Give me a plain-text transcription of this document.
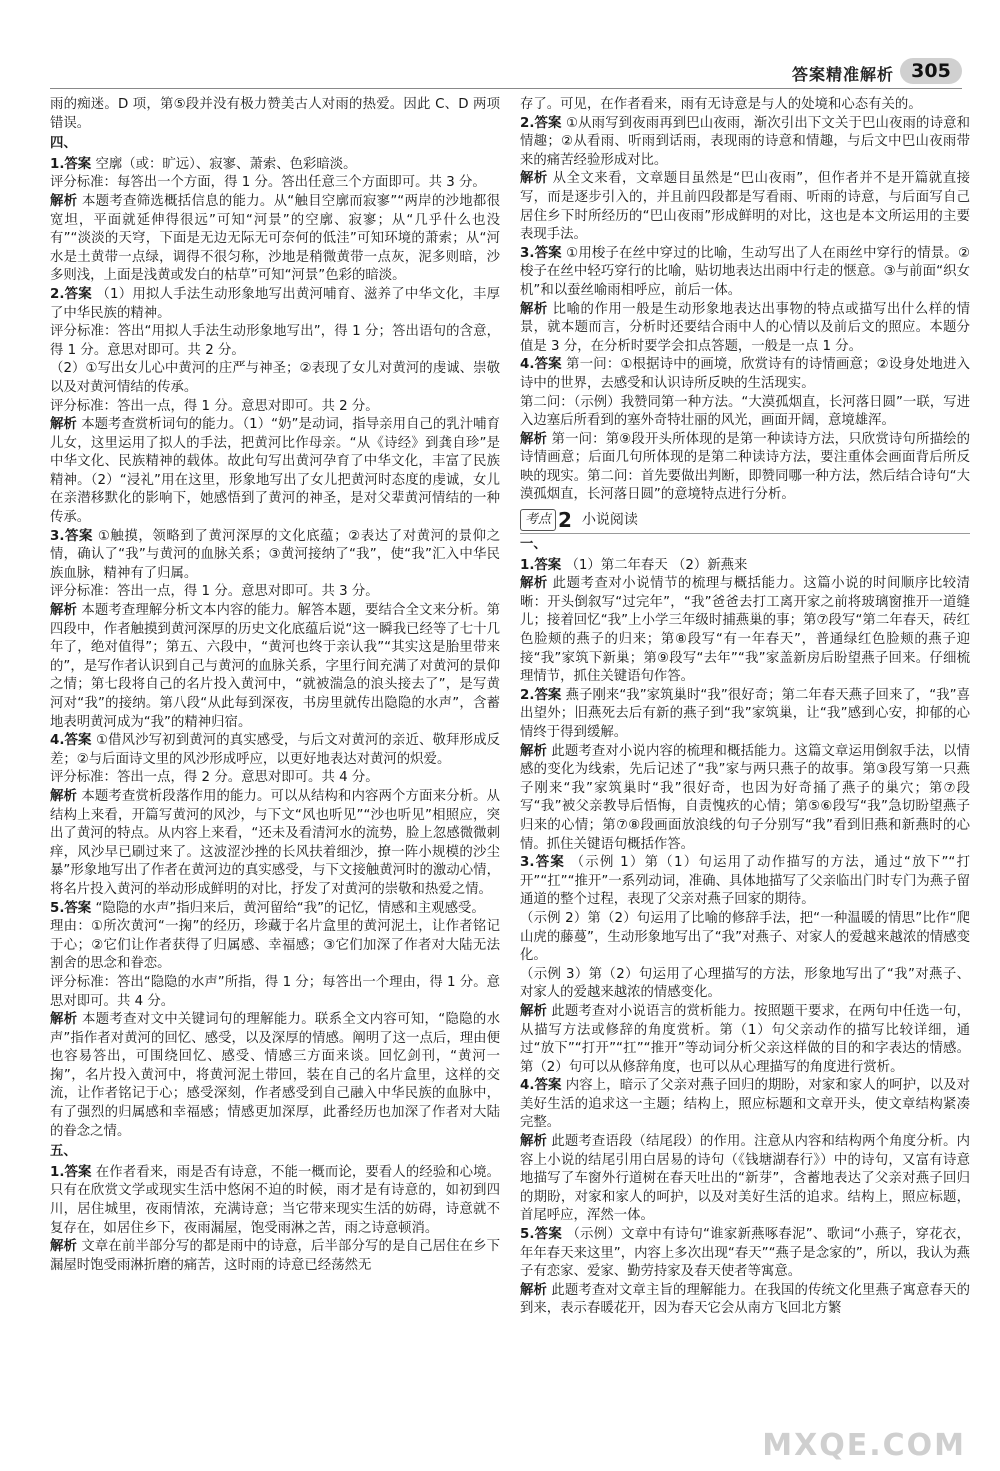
答案精准解析 305

雨的痴迷。D 项，第⑤段并没有极力赞美古人对雨的热爱。因此 C、D 两项错误。

四、

1.答案 空廓（或：旷远）、寂寥、萧索、色彩暗淡。

评分标准：每答出一个方面，得 1 分。答出任意三个方面即可。共 3 分。

解析 本题考查筛选概括信息的能力。从“触目空廓而寂寥”“两岸的沙地都很宽坦，平面就延伸得很远”可知“河景”的空廓、寂寥；从“几乎什么也没有”“淡淡的天穹，下面是无边无际无可奈何的低洼”可知环境的萧索；从“河水是土黄带一点绿，调得不很匀称，沙地是稍微黄带一点灰，泥多则暗，沙多则浅，上面是浅黄或发白的枯草”可知“河景”色彩的暗淡。

2.答案 （1）用拟人手法生动形象地写出黄河哺育、滋养了中华文化，丰厚了中华民族的精神。

评分标准：答出“用拟人手法生动形象地写出”，得 1 分；答出语句的含意，得 1 分。意思对即可。共 2 分。

（2）①写出女儿心中黄河的庄严与神圣；②表现了女儿对黄河的虔诚、崇敬以及对黄河情结的传承。

评分标准：答出一点，得 1 分。意思对即可。共 2 分。

解析 本题考查赏析词句的能力。（1）“奶”是动词，指导亲用自己的乳汁哺育儿女，这里运用了拟人的手法，把黄河比作母亲。“从《诗经》到龚自珍”是中华文化、民族精神的载体。故此句写出黄河孕育了中华文化，丰富了民族精神。（2）“浸礼”用在这里，形象地写出了女儿把黄河时态度的虔诚，女儿在亲潜移默化的影响下，她感悟到了黄河的神圣，是对父辈黄河情结的一种传承。

3.答案 ①触摸，领略到了黄河深厚的文化底蕴；②表达了对黄河的景仰之情，确认了“我”与黄河的血脉关系；③黄河接纳了“我”，使“我”汇入中华民族血脉，精神有了归属。

评分标准：答出一点，得 1 分。意思对即可。共 3 分。

解析 本题考查理解分析文本内容的能力。解答本题，要结合全文来分析。第四段中，作者触摸到黄河深厚的历史文化底蕴后说“这一瞬我已经等了七十几年了，绝对值得”；第五、六段中，“黄河也终于亲认我”“其实这是胎里带来的”，是写作者认识到自己与黄河的血脉关系，字里行间充满了对黄河的景仰之情；第七段将自己的名片投入黄河中，“就被湍急的浪头接去了”，是写黄河对“我”的接纳。第八段“从此每到深夜，书房里就传出隐隐的水声”，含蓄地表明黄河成为“我”的精神归宿。

4.答案 ①借风沙写初到黄河的真实感受，与后文对黄河的亲近、敬拜形成反差；②与后面诗文里的风沙形成呼应，以更好地表达对黄河的炽爱。

评分标准：答出一点，得 2 分。意思对即可。共 4 分。

解析 本题考查赏析段落作用的能力。可以从结构和内容两个方面来分析。从结构上来看，开篇写黄河的风沙，与下文“风也听见”“沙也听见”相照应，突出了黄河的特点。从内容上来看，“还未及看清河水的流势，脸上忽感微微刺痒，风沙早已刷过来了。这波涩沙挫的长风扶着细沙，撩一阵小规模的沙尘暴”形象地写出了作者在黄河边的真实感受，与下文接触黄河时的激动心情，将名片投入黄河的举动形成鲜明的对比，抒发了对黄河的崇敬和热爱之情。

5.答案 “隐隐的水声”指归来后，黄河留给“我”的记忆，情感和主观感受。

理由：①所次黄河“一掬”的经历，珍藏于名片盒里的黄河泥土，让作者铭记于心；②它们让作者获得了归属感、幸福感；③它们加深了作者对大陆无法割舍的思念和眷恋。

评分标准：答出“隐隐的水声”所指，得 1 分；每答出一个理由，得 1 分。意思对即可。共 4 分。

解析 本题考查对文中关键词句的理解能力。联系全文内容可知，“隐隐的水声”指作者对黄河的回忆、感受，以及深厚的情感。阐明了这一点后，理由便也容易答出，可围绕回忆、感受、情感三方面来谈。回忆剑刊，“黄河一掬”，名片投入黄河中，将黄河泥土带回，装在自己的名片盒里，这样的交流，让作者铭记于心；感受深刻，作者感受到自己融入中华民族的血脉中，有了强烈的归属感和幸福感；情感更加深厚，此番经历也加深了作者对大陆的眷念之情。

五、

1.答案 在作者看来，雨是否有诗意，不能一概而论，要看人的经验和心境。只有在欣赏文学或现实生活中悠闲不迫的时候，雨才是有诗意的，如初到四川，居住城里，夜雨情浓，充满诗意；当它带来现实生活的妨碍，诗意就不复存在，如居住乡下，夜雨漏屋，饱受雨淋之苦，雨之诗意顿消。

解析 文章在前半部分写的都是雨中的诗意，后半部分写的是自己居住在乡下漏屋时饱受雨淋折磨的痛苦，这时雨的诗意已经荡然无

存了。可见，在作者看来，雨有无诗意是与人的处境和心态有关的。

2.答案 ①从雨写到夜雨再到巴山夜雨，渐次引出下文关于巴山夜雨的诗意和情趣；②从看雨、听雨到话雨，表现雨的诗意和情趣，与后文中巴山夜雨带来的痛苦经验形成对比。

解析 从全文来看，文章题目虽然是“巴山夜雨”，但作者并不是开篇就直接写，而是逐步引入的，并且前四段都是写看雨、听雨的诗意，与后面写自己居住乡下时所经历的“巴山夜雨”形成鲜明的对比，这也是本文所运用的主要表现手法。

3.答案 ①用梭子在丝中穿过的比喻，生动写出了人在雨丝中穿行的情景。②梭子在丝中轻巧穿行的比喻，贴切地表达出雨中行走的惬意。③与前面“织女机”和以蚕丝喻雨相呼应，前后一体。

解析 比喻的作用一般是生动形象地表达出事物的特点或描写出什么样的情景，就本题而言，分析时还要结合雨中人的心情以及前后文的照应。本题分值是 3 分，在分析时要学会扣点答题，一般是一点 1 分。

4.答案 第一问：①根据诗中的画境，欣赏诗有的诗情画意；②设身处地进入诗中的世界，去感受和认识诗所反映的生活现实。

第二问：（示例）我赞同第一种方法。“大漠孤烟直，长河落日圆”一联，写进入边塞后所看到的塞外奇特壮丽的风光，画面开阔，意境雄浑。

解析 第一问：第⑨段开头所体现的是第一种读诗方法，只欣赏诗句所描绘的诗情画意；后面几句所体现的是第二种读诗方法，要注重体会画面背后所反映的现实。第二问：首先要做出判断，即赞同哪一种方法，然后结合诗句“大漠孤烟直，长河落日圆”的意境特点进行分析。

考点 2 小说阅读
一、

1.答案 （1）第二年春天 （2）新燕来

解析 此题考查对小说情节的梳理与概括能力。这篇小说的时间顺序比较清晰：开头倒叙写“过完年”，“我”爸爸去打工离开家之前将玻璃窗推开一道缝儿；接着回忆“我”上小学三年级时捕燕巢的事；第⑦段写“第二年春天，砖红色脸颊的燕子的归来；第⑧段写“有一年春天”，普通绿红色脸颊的燕子迎接“我”家筑下新巢；第⑨段写“去年”“我”家盖新房后盼望燕子回来。仔细梳理情节，抓住关键语句作答。

2.答案 燕子刚来“我”家筑巢时“我”很好奇；第二年春天燕子回来了，“我”喜出望外；旧燕死去后有新的燕子到“我”家筑巢，让“我”感到心安，抑郁的心情终于得到缓解。

解析 此题考查对小说内容的梳理和概括能力。这篇文章运用倒叙手法，以情感的变化为线索，先后记述了“我”家与两只燕子的故事。第③段写第一只燕子刚来“我”家筑巢时“我”很好奇，也因为好奇捅了燕子的巢穴；第⑦段写“我”被父亲教导后悟悔，自责愧疚的心情；第⑤⑥段写“我”急切盼望燕子归来的心情；第⑦⑧段画面放浪线的句子分别写“我”看到旧燕和新燕时的心情。抓住关键语句概括作答。

3.答案 （示例 1）第（1）句运用了动作描写的方法，通过“放下”“打开”“扛”“推开”一系列动词，准确、具体地描写了父亲临出门时专门为燕子留通道的整个过程，表现了父亲对燕子回家的期待。

（示例 2）第（2）句运用了比喻的修辞手法，把“一种温暖的情思”比作“爬山虎的藤蔓”，生动形象地写出了“我”对燕子、对家人的爱越来越浓的情感变化。

（示例 3）第（2）句运用了心理描写的方法，形象地写出了“我”对燕子、对家人的爱越来越浓的情感变化。

解析 此题考查对小说语言的赏析能力。按照题干要求，在两句中任选一句，从描写方法或修辞的角度赏析。第（1）句父亲动作的描写比较详细，通过“放下”“打开”“扛”“推开”等动词分析父亲这样做的目的和字表达的情感。第（2）句可以从修辞角度，也可以从心理描写的角度进行赏析。

4.答案 内容上，暗示了父亲对燕子回归的期盼，对家和家人的呵护，以及对美好生活的追求这一主题；结构上，照应标题和文章开头，使文章结构紧凑完整。

解析 此题考查语段（结尾段）的作用。注意从内容和结构两个角度分析。内容上小说的结尾引用白居易的诗句（《钱塘湖春行》）中的诗句，又富有诗意地描写了车窗外行道树在春天吐出的“新芽”，含蓄地表达了父亲对燕子回归的期盼，对家和家人的呵护，以及对美好生活的追求。结构上，照应标题，首尾呼应，浑然一体。

5.答案 （示例）文章中有诗句“谁家新燕啄春泥”、歌词“小燕子，穿花衣，年年春天来这里”，内容上多次出现“春天”“燕子是念家的”，所以，我认为燕子有恋家、爱家、勤劳持家及春天使者等寓意。

解析 此题考查对文章主旨的理解能力。在我国的传统文化里燕子寓意春天的到来，表示春暖花开，因为春天它会从南方飞回北方繁

MXQE.COM
